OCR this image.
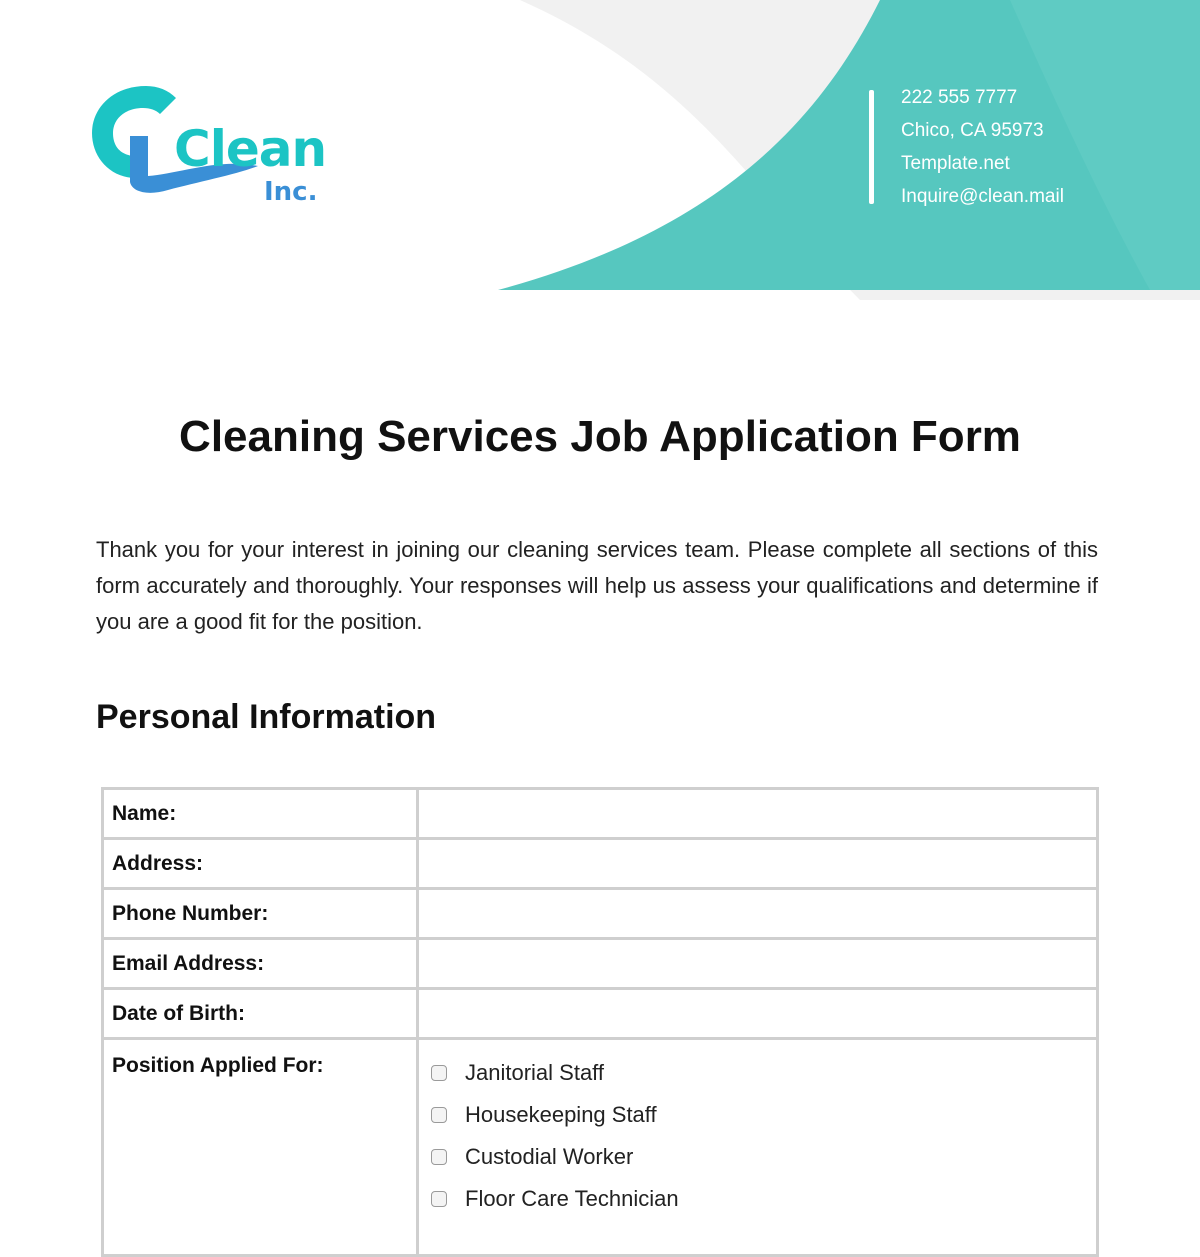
Clean
Inc.
222 555 7777
Chico, CA 95973
Template.net
Inquire@clean.mail
Cleaning Services Job Application Form

Thank you for your interest in joining our cleaning services team. Please complete all sections of this form accurately and thoroughly. Your responses will help us assess your qualifications and determine if you are a good fit for the position.

Personal Information
Name:	
Address:	
Phone Number:	
Email Address:	
Date of Birth:	
Position Applied For:	Janitorial Staff
Housekeeping Staff
Custodial Worker
Floor Care Technician
